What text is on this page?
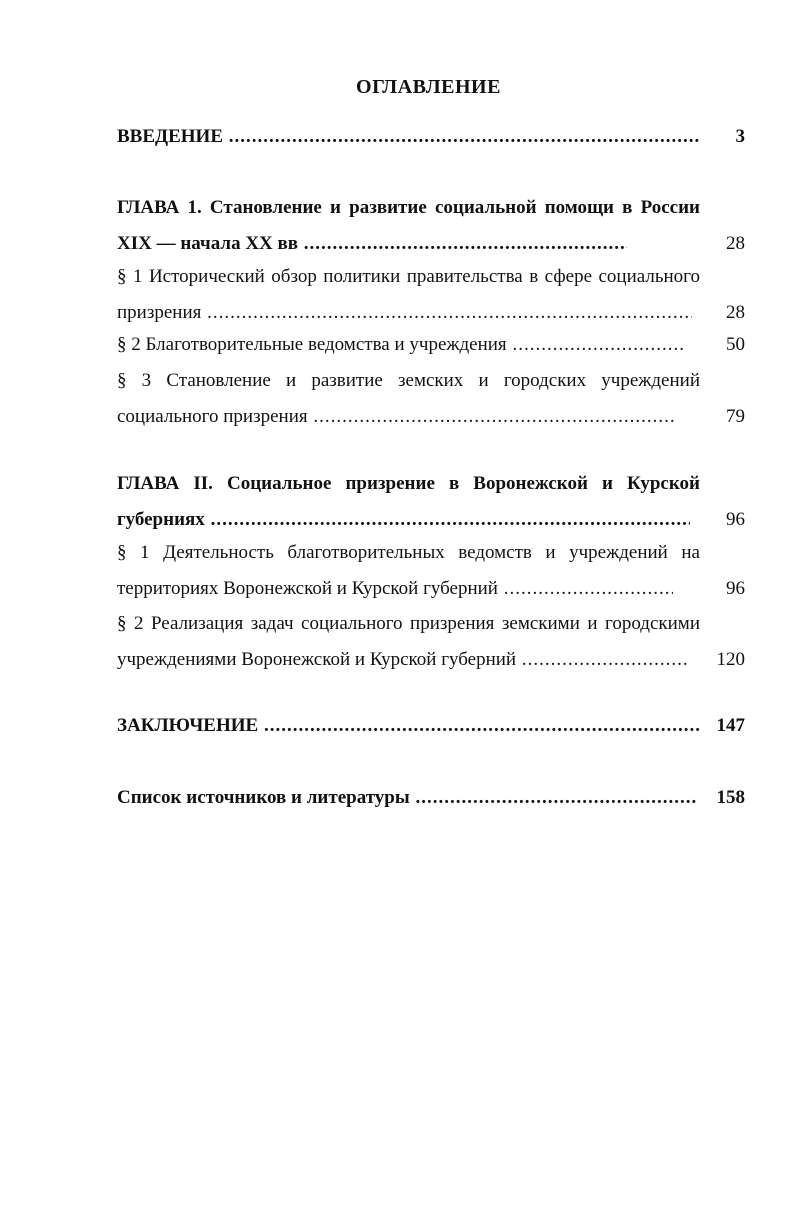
ОГЛАВЛЕНИЕ
ВВЕДЕНИЕ .....	3
ГЛАВА 1. Становление и развитие социальной помощи в России
XIX — начала XX вв .....	28
§ 1 Исторический обзор политики правительства в сфере социального
призрения .....	28
§ 2 Благотворительные ведомства и учреждения .....	50
§ 3 Становление и развитие земских и городских учреждений
социального призрения .....	79
ГЛАВА II. Социальное призрение в Воронежской и Курской
губерниях .....	96
§ 1 Деятельность благотворительных ведомств и учреждений на
территориях Воронежской и Курской губерний .....	96
§ 2 Реализация задач социального призрения земскими и городскими
учреждениями Воронежской и Курской губерний .....	120
ЗАКЛЮЧЕНИЕ .....	147
Список источников и литературы .....	158
